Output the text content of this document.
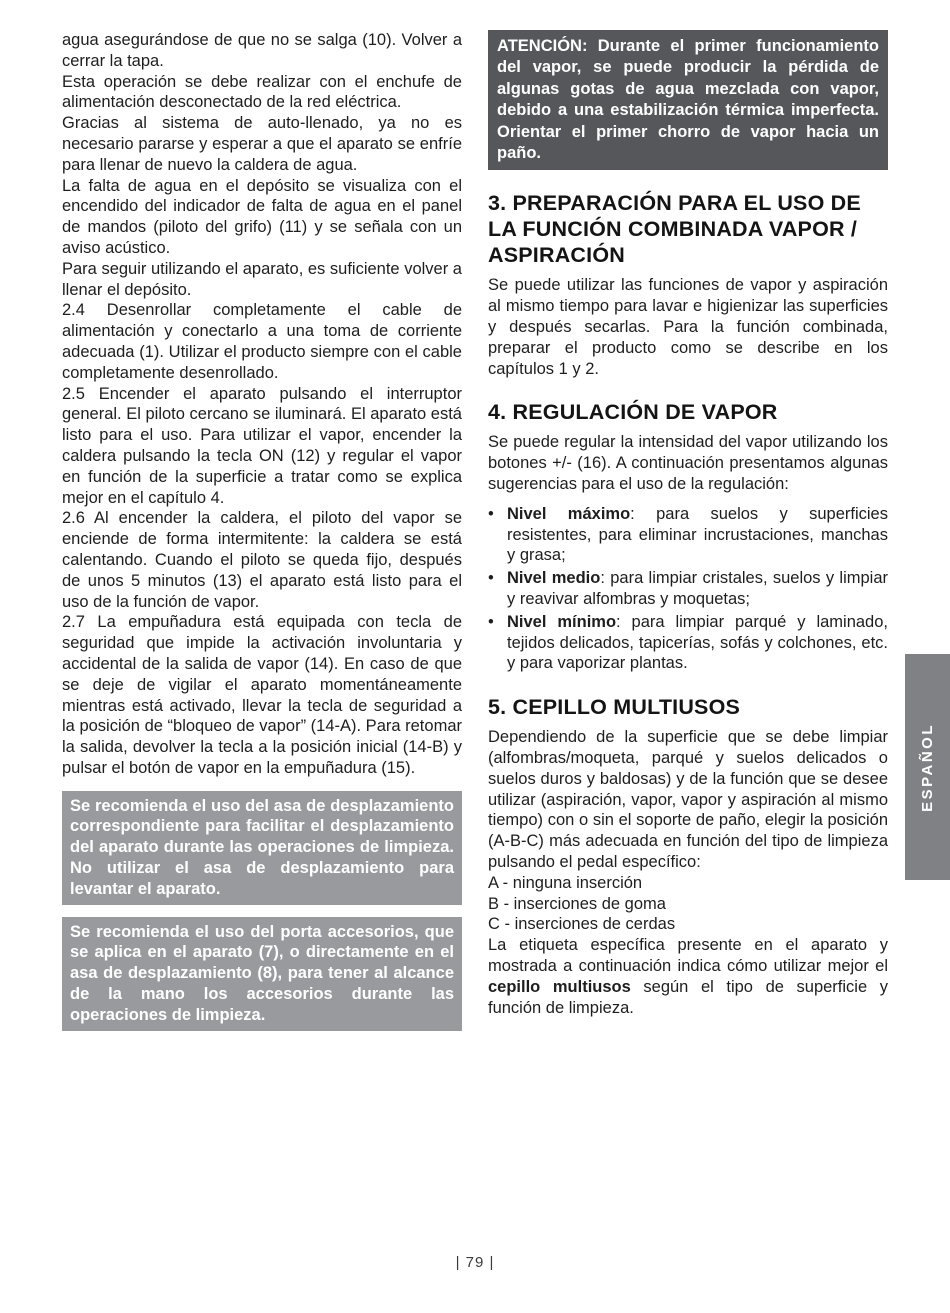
agua asegurándose de que no se salga (10). Volver a cerrar la tapa.

Esta operación se debe realizar con el enchufe de alimentación desconectado de la red eléctrica.

Gracias al sistema de auto-llenado, ya no es necesario pararse y esperar a que el aparato se enfríe para llenar de nuevo la caldera de agua.

La falta de agua en el depósito se visualiza con el encendido del indicador de falta de agua en el panel de mandos (piloto del grifo) (11) y se señala con un aviso acústico.

Para seguir utilizando el aparato, es suficiente volver a llenar el depósito.

2.4 Desenrollar completamente el cable de alimentación y conectarlo a una toma de corriente adecuada (1). Utilizar el producto siempre con el cable completamente desenrollado.

2.5 Encender el aparato pulsando el interruptor general. El piloto cercano se iluminará. El aparato está listo para el uso. Para utilizar el vapor, encender la caldera pulsando la tecla ON (12) y regular el vapor en función de la superficie a tratar como se explica mejor en el capítulo 4.

2.6 Al encender la caldera, el piloto del vapor se enciende de forma intermitente: la caldera se está calentando. Cuando el piloto se queda fijo, después de unos 5 minutos (13) el aparato está listo para el uso de la función de vapor.

2.7 La empuñadura está equipada con tecla de seguridad que impide la activación involuntaria y accidental de la salida de vapor (14). En caso de que se deje de vigilar el aparato momentáneamente mientras está activado, llevar la tecla de seguridad a la posición de “bloqueo de vapor” (14-A). Para retomar la salida, devolver la tecla a la posición inicial (14-B) y pulsar el botón de vapor en la empuñadura (15).

Se recomienda el uso del asa de desplazamiento correspondiente para facilitar el desplazamiento del aparato durante las operaciones de limpieza. No utilizar el asa de desplazamiento para levantar el aparato.

Se recomienda el uso del porta accesorios, que se aplica en el aparato (7), o directamente en el asa de desplazamiento (8), para tener al alcance de la mano los accesorios durante las operaciones de limpieza.

ATENCIÓN: Durante el primer funcionamiento del vapor, se puede producir la pérdida de algunas gotas de agua mezclada con vapor, debido a una estabilización térmica imperfecta. Orientar el primer chorro de vapor hacia un paño.

3. PREPARACIÓN PARA EL USO DE LA FUNCIÓN COMBINADA VAPOR / ASPIRACIÓN

Se puede utilizar las funciones de vapor y aspiración al mismo tiempo para lavar e higienizar las superficies y después secarlas. Para la función combinada, preparar el producto como se describe en los capítulos 1 y 2.

4. REGULACIÓN DE VAPOR

Se puede regular la intensidad del vapor utilizando los botones +/- (16). A continuación presentamos algunas sugerencias para el uso de la regulación:

• Nivel máximo: para suelos y superficies resistentes, para eliminar incrustaciones, manchas y grasa;
• Nivel medio: para limpiar cristales, suelos y limpiar y reavivar alfombras y moquetas;
• Nivel mínimo: para limpiar parqué y laminado, tejidos delicados, tapicerías, sofás y colchones, etc. y para vaporizar plantas.
5. CEPILLO MULTIUSOS

Dependiendo de la superficie que se debe limpiar (alfombras/moqueta, parqué y suelos delicados o suelos duros y baldosas) y de la función que se desee utilizar (aspiración, vapor, vapor y aspiración al mismo tiempo) con o sin el soporte de paño, elegir la posición (A-B-C) más adecuada en función del tipo de limpieza pulsando el pedal específico:

A - ninguna inserción

B - inserciones de goma

C - inserciones de cerdas

La etiqueta específica presente en el aparato y mostrada a continuación indica cómo utilizar mejor el cepillo multiusos según el tipo de superficie y función de limpieza.

ESPAÑOL
| 79 |
